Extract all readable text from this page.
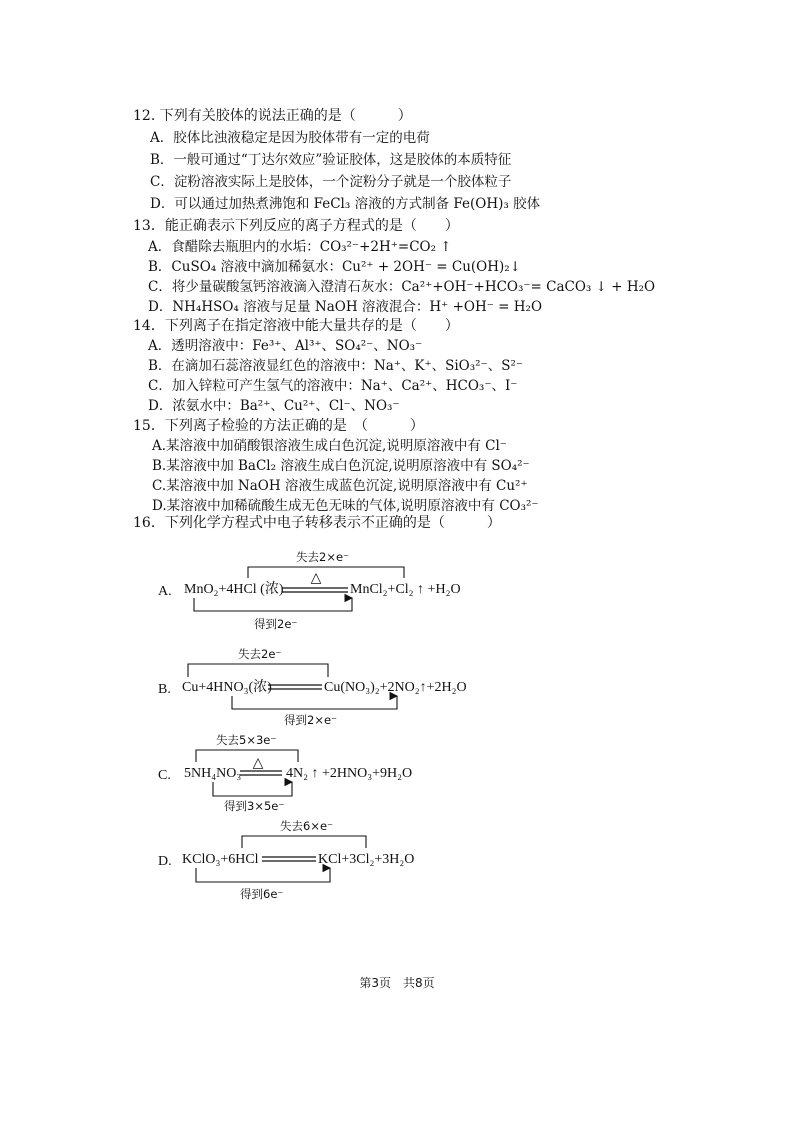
12. 下列有关胶体的说法正确的是（　　　）
A．胶体比浊液稳定是因为胶体带有一定的电荷
B．一般可通过“丁达尔效应”验证胶体，这是胶体的本质特征
C．淀粉溶液实际上是胶体，一个淀粉分子就是一个胶体粒子
D．可以通过加热煮沸饱和 FeCl₃ 溶液的方式制备 Fe(OH)₃ 胶体
13．能正确表示下列反应的离子方程式的是（　　）
A．食醋除去瓶胆内的水垢：CO₃²⁻+2H⁺=CO₂ ↑
B．CuSO₄ 溶液中滴加稀氨水：Cu²⁺ + 2OH⁻ = Cu(OH)₂↓
C．将少量碳酸氢钙溶液滴入澄清石灰水：Ca²⁺+OH⁻+HCO₃⁻= CaCO₃ ↓ + H₂O
D．NH₄HSO₄ 溶液与足量 NaOH 溶液混合：H⁺ +OH⁻ = H₂O
14．下列离子在指定溶液中能大量共存的是（　　）
A．透明溶液中：Fe³⁺、Al³⁺、SO₄²⁻、NO₃⁻
B．在滴加石蕊溶液显红色的溶液中：Na⁺、K⁺、SiO₃²⁻、S²⁻
C．加入锌粒可产生氢气的溶液中：Na⁺、Ca²⁺、HCO₃⁻、I⁻
D．浓氨水中：Ba²⁺、Cu²⁺、Cl⁻、NO₃⁻
15．下列离子检验的方法正确的是　（　　　）
A.某溶液中加硝酸银溶液生成白色沉淀,说明原溶液中有 Cl⁻
B.某溶液中加 BaCl₂ 溶液生成白色沉淀,说明原溶液中有 SO₄²⁻
C.某溶液中加 NaOH 溶液生成蓝色沉淀,说明原溶液中有 Cu²⁺
D.某溶液中加稀硫酸生成无色无味的气体,说明原溶液中有 CO₃²⁻
16．下列化学方程式中电子转移表示不正确的是（　　　）
A. MnO₂+4HCl (浓)
△
MnCl₂+Cl₂ ↑ +H₂O
失去2×e⁻
得到2e⁻
B. Cu+4HNO₃(浓)	Cu(NO₃)₂+2NO₂↑+2H₂O
失去2e⁻
得到2×e⁻
C. 5NH₄NO₃
△
4N₂ ↑ +2HNO₃+9H₂O
失去5×3e⁻
得到3×5e⁻
D. KClO₃+6HCl	KCl+3Cl₂+3H₂O
失去6×e⁻
得到6e⁻
第3页 共8页
